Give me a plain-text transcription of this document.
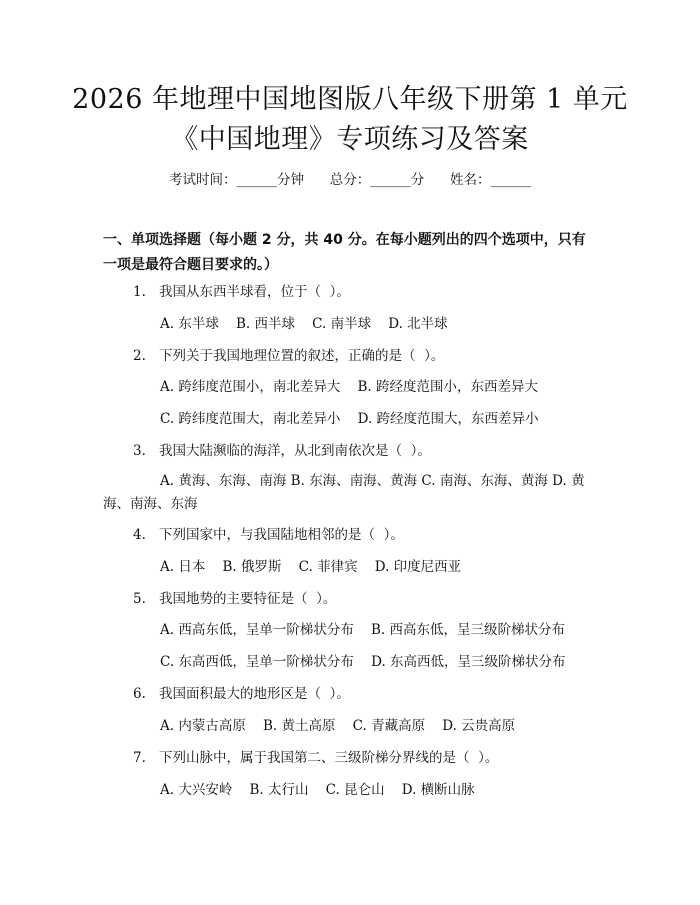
2026 年地理中国地图版八年级下册第 1 单元
《中国地理》专项练习及答案
考试时间：______分钟      总分：______分      姓名：______
一、单项选择题（每小题 2 分，共 40 分。在每小题列出的四个选项中，只有一项是最符合题目要求的。）
1. 我国从东西半球看，位于（  ）。
A. 东半球    B. 西半球    C. 南半球    D. 北半球
2. 下列关于我国地理位置的叙述，正确的是（  ）。
A. 跨纬度范围小，南北差异大    B. 跨经度范围小，东西差异大
C. 跨纬度范围大，南北差异小    D. 跨经度范围大，东西差异小
3. 我国大陆濒临的海洋，从北到南依次是（  ）。
A. 黄海、东海、南海 B. 东海、南海、黄海 C. 南海、东海、黄海 D. 黄海、南海、东海
4. 下列国家中，与我国陆地相邻的是（  ）。
A. 日本    B. 俄罗斯    C. 菲律宾    D. 印度尼西亚
5. 我国地势的主要特征是（  ）。
A. 西高东低，呈单一阶梯状分布    B. 西高东低，呈三级阶梯状分布
C. 东高西低，呈单一阶梯状分布    D. 东高西低，呈三级阶梯状分布
6. 我国面积最大的地形区是（  ）。
A. 内蒙古高原    B. 黄土高原    C. 青藏高原    D. 云贵高原
7. 下列山脉中，属于我国第二、三级阶梯分界线的是（  ）。
A. 大兴安岭    B. 太行山    C. 昆仑山    D. 横断山脉
